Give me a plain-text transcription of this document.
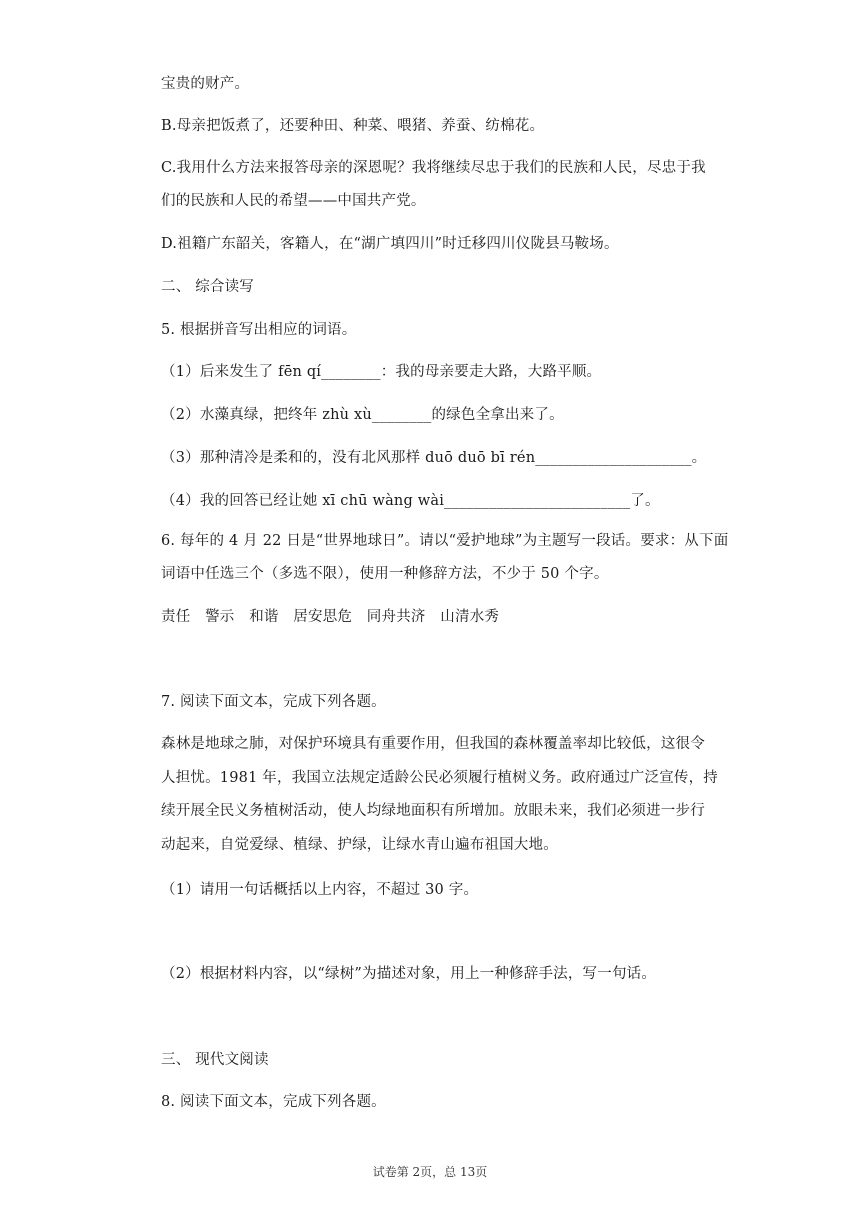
宝贵的财产。
B.母亲把饭煮了，还要种田、种菜、喂猪、养蚕、纺棉花。
C.我用什么方法来报答母亲的深恩呢？我将继续尽忠于我们的民族和人民，尽忠于我
们的民族和人民的希望——中国共产党。
D.祖籍广东韶关，客籍人，在“湖广填四川”时迁移四川仪陇县马鞍场。
二、 综合读写
5. 根据拼音写出相应的词语。
（1）后来发生了 fēn qí________：我的母亲要走大路，大路平顺。
（2）水藻真绿，把终年 zhù xù________的绿色全拿出来了。
（3）那种清冷是柔和的，没有北风那样 duō duō bī rén_____________________。
（4）我的回答已经让她 xī chū wàng wài_________________________了。
6. 每年的 4 月 22 日是“世界地球日”。请以“爱护地球”为主题写一段话。要求：从下面
词语中任选三个（多选不限），使用一种修辞方法，不少于 50 个字。
责任　警示　和谐　居安思危　同舟共济　山清水秀
7. 阅读下面文本，完成下列各题。
森林是地球之肺，对保护环境具有重要作用，但我国的森林覆盖率却比较低，这很令
人担忧。1981 年，我国立法规定适龄公民必须履行植树义务。政府通过广泛宣传，持
续开展全民义务植树活动，使人均绿地面积有所增加。放眼未来，我们必须进一步行
动起来，自觉爱绿、植绿、护绿，让绿水青山遍布祖国大地。
（1）请用一句话概括以上内容，不超过 30 字。
（2）根据材料内容，以“绿树”为描述对象，用上一种修辞手法，写一句话。
三、 现代文阅读
8. 阅读下面文本，完成下列各题。
试卷第 2页，总 13页
